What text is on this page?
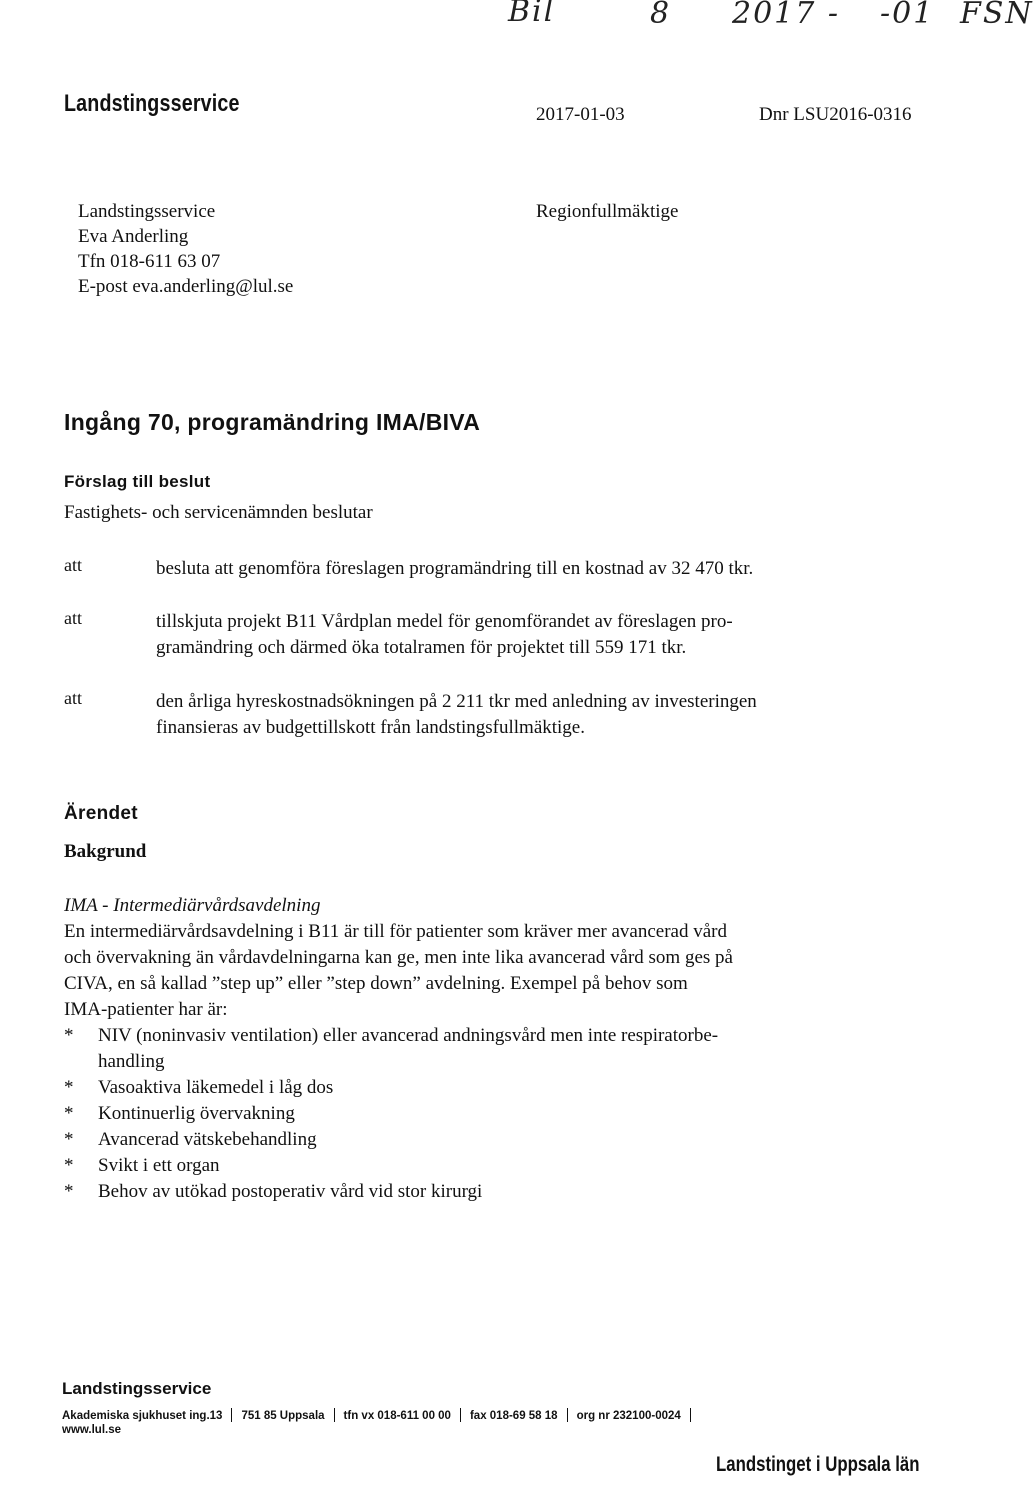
Bil	8 2017 - -01 FSN
Landstingsservice	2017-01-03	Dnr LSU2016-0316
Landstingsservice
Eva Anderling
Tfn 018-611 63 07
E-post eva.anderling@lul.se
Regionfullmäktige
Ingång 70, programändring IMA/BIVA
Förslag till beslut
Fastighets- och servicenämnden beslutar
att	besluta att genomföra föreslagen programändring till en kostnad av 32 470 tkr.
att	tillskjuta projekt B11 Vårdplan medel för genomförandet av föreslagen pro-
gramändring och därmed öka totalramen för projektet till 559 171 tkr.
att	den årliga hyreskostnadsökningen på 2 211 tkr med anledning av investeringen
finansieras av budgettillskott från landstingsfullmäktige.
Ärendet
Bakgrund
IMA - Intermediärvårdsavdelning
En intermediärvårdsavdelning i B11 är till för patienter som kräver mer avancerad vård
och övervakning än vårdavdelningarna kan ge, men inte lika avancerad vård som ges på
CIVA, en så kallad ”step up” eller ”step down” avdelning. Exempel på behov som
IMA-patienter har är:
*	NIV (noninvasiv ventilation) eller avancerad andningsvård men inte respiratorbe-
handling
*	Vasoaktiva läkemedel i låg dos
*	Kontinuerlig övervakning
*	Avancerad vätskebehandling
*	Svikt i ett organ
*	Behov av utökad postoperativ vård vid stor kirurgi
Landstingsservice
Akademiska sjukhuset ing.13 751 85 Uppsala tfn vx 018-611 00 00 fax 018-69 58 18 org nr 232100-0024
www.lul.se
Landstinget i Uppsala län
